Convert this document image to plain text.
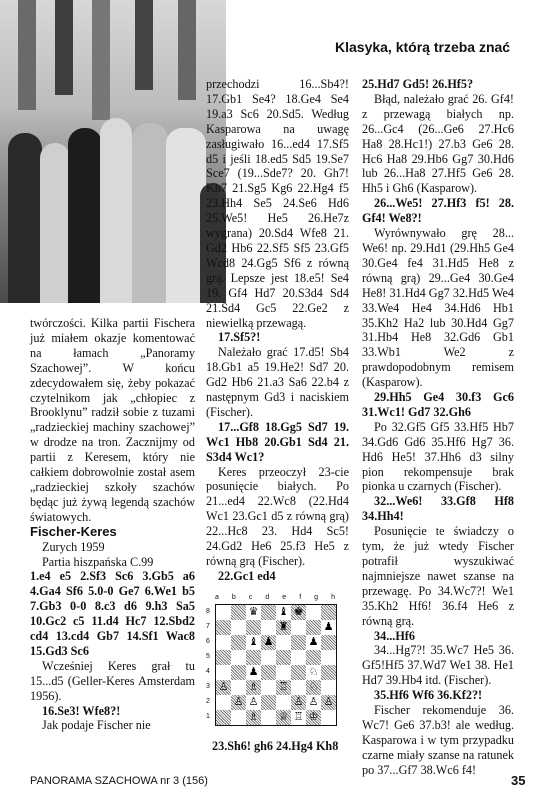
Klasyka, którą trzeba znać

twórczości. Kilka partii Fischera już miałem okazje komentować na łamach „Panoramy Szachowej”. W końcu zdecydowałem się, żeby pokazać czytelnikom jak „chłopiec z Brooklynu” radził sobie z tuzami „radzieckiej machiny szachowej” w drodze na tron. Zacznijmy od partii z Keresem, który nie całkiem dobrowolnie został asem „radzieckiej szkoły szachów będąc już żywą legendą szachów światowych.

Fischer-Keres

Zurych 1959

Partia hiszpańska C.99

1.e4 e5 2.Sf3 Sc6 3.Gb5 a6 4.Ga4 Sf6 5.0-0 Ge7 6.We1 b5 7.Gb3 0-0 8.c3 d6 9.h3 Sa5 10.Gc2 c5 11.d4 Hc7 12.Sbd2 cd4 13.cd4 Gb7 14.Sf1 Wac8 15.Gd3 Sc6

Wcześniej Keres grał tu 15...d5 (Geller-Keres Amsterdam 1956).

16.Se3! Wfe8?!

Jak podaje Fischer nie

przechodzi 16...Sb4?! 17.Gb1 Se4? 18.Ge4 Se4 19.a3 Sc6 20.Sd5. Według Kasparowa na uwagę zasługiwało 16...ed4 17.Sf5 d5 i jeśli 18.ed5 Sd5 19.Se7 Sce7 (19...Sde7? 20. Gh7! Kh7 21.Sg5 Kg6 22.Hg4 f5 23.Hh4 Se5 24.Se6 Hd6 25.We5! He5 26.He7z wygrana) 20.Sd4 Wfe8 21. Gd2 Hb6 22.Sf5 Sf5 23.Gf5 Wcd8 24.Gg5 Sf6 z równą grą. Lepsze jest 18.e5! Se4 19. Gf4 Hd7 20.S3d4 Sd4 21.Sd4 Gc5 22.Ge2 z niewielką przewagą.

17.Sf5?!

Należało grać 17.d5! Sb4 18.Gb1 a5 19.He2! Sd7 20. Gd2 Hb6 21.a3 Sa6 22.b4 z następnym Gd3 i naciskiem (Fischer).

17...Gf8 18.Gg5 Sd7 19. Wc1 Hb8 20.Gb1 Sd4 21. S3d4 Wc1?

Keres przeoczył 23-cie posunięcie białych. Po 21...ed4 22.Wc8 (22.Hd4 Wc1 23.Gc1 d5 z równą grą) 22...Hc8 23. Hd4 Sc5! 24.Gd2 He6 25.f3 He5 z równą grą (Fischer).

22.Gc1 ed4

25.Hd7 Gd5! 26.Hf5?

Błąd, należało grać 26. Gf4! z przewagą białych np. 26...Gc4 (26...Ge6 27.Hc6 Ha8 28.Hc1!) 27.b3 Ge6 28. Hc6 Ha8 29.Hb6 Gg7 30.Hd6 lub 26...Ha8 27.Hf5 Ge6 28. Hh5 i Gh6 (Kasparow).

26...We5! 27.Hf3 f5! 28. Gf4! We8?!

Wyrównywało grę 28... We6! np. 29.Hd1 (29.Hh5 Ge4 30.Ge4 fe4 31.Hd5 He8 z równą grą) 29...Ge4 30.Ge4 He8! 31.Hd4 Gg7 32.Hd5 We4 33.We4 He4 34.Hd6 Hb1 35.Kh2 Ha2 lub 30.Hd4 Gg7 31.Hb4 He8 32.Gd6 Gb1 33.Wb1 We2 z prawdopodobnym remisem (Kasparow).

29.Hh5 Ge4 30.f3 Gc6 31.Wc1! Gd7 32.Gh6

Po 32.Gf5 Gf5 33.Hf5 Hb7 34.Gd6 Gd6 35.Hf6 Hg7 36. Hd6 He5! 37.Hh6 d3 silny pion rekompensuje brak pionka u czarnych (Fischer).

32...We6! 33.Gf8 Hf8 34.Hh4!

Posunięcie te świadczy o tym, że już wtedy Fischer potrafił wyszukiwać najmniejsze nawet szanse na przewagę. Po 34.Wc7?! We1 35.Kh2 Hf6! 36.f4 He6 z równą grą.

34...Hf6

34...Hg7?! 35.Wc7 He5 36. Gf5!Hf5 37.Wd7 We1 38. He1 Hd7 39.Hb4 itd. (Fischer).

35.Hf6 Wf6 36.Kf2?!

Fischer rekomenduje 36. Wc7! Ge6 37.b3! ale według. Kasparowa i w tym przypadku czarne miały szanse na ratunek po 37...Gf7 38.Wc6 f4!

a b c d e f g h
8
7
6
5
4
3
2
1
♛ ♝ ♚
♜	♟
♝ ♟	♟
♟	♘
♙ ♗ ♖ ♘
♙ ♙	♙ ♙ ♙
♗ ♕ ♖ ♔
23.Sh6! gh6 24.Hg4 Kh8
PANORAMA SZACHOWA nr 3 (156)	35
